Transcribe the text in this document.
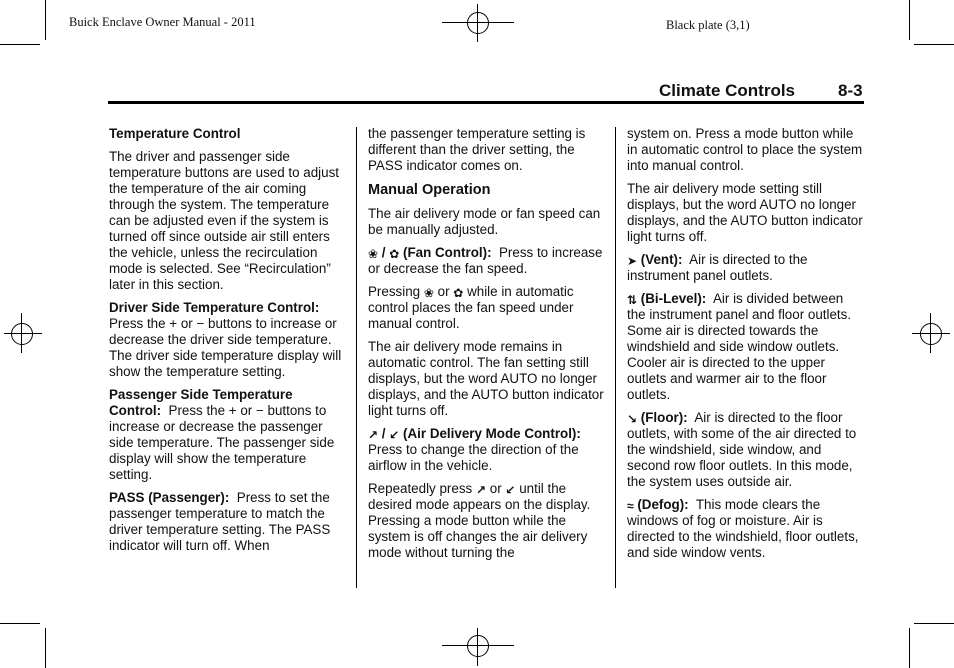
Buick Enclave Owner Manual - 2011	Black plate (3,1)
Climate Controls	8-3

Temperature Control

The driver and passenger side temperature buttons are used to adjust the temperature of the air coming through the system. The temperature can be adjusted even if the system is turned off since outside air still enters the vehicle, unless the recirculation mode is selected. See “Recirculation” later in this section.

Driver Side Temperature Control:  Press the + or − buttons to increase or decrease the driver side temperature. The driver side temperature display will show the temperature setting.

Passenger Side Temperature Control: Press the + or − buttons to increase or decrease the passenger side temperature. The passenger side display will show the temperature setting.

PASS (Passenger): Press to set the passenger temperature to match the driver temperature setting. The PASS indicator will turn off. When

the passenger temperature setting is different than the driver setting, the PASS indicator comes on.

Manual Operation

The air delivery mode or fan speed can be manually adjusted.

❀ / ✿ (Fan Control): Press to increase or decrease the fan speed.

Pressing ❀ or ✿ while in automatic control places the fan speed under manual control.

The air delivery mode remains in automatic control. The fan setting still displays, but the word AUTO no longer displays, and the AUTO button indicator light turns off.

↗ / ↙ (Air Delivery Mode Control):  Press to change the direction of the airflow in the vehicle.

Repeatedly press ↗ or ↙ until the desired mode appears on the display. Pressing a mode button while the system is off changes the air delivery mode without turning the

system on. Press a mode button while in automatic control to place the system into manual control.

The air delivery mode setting still displays, but the word AUTO no longer displays, and the AUTO button indicator light turns off.

➤ (Vent): Air is directed to the instrument panel outlets.

⇅ (Bi-Level): Air is divided between the instrument panel and floor outlets. Some air is directed towards the windshield and side window outlets. Cooler air is directed to the upper outlets and warmer air to the floor outlets.

↘ (Floor): Air is directed to the floor outlets, with some of the air directed to the windshield, side window, and second row floor outlets. In this mode, the system uses outside air.

≈ (Defog): This mode clears the windows of fog or moisture. Air is directed to the windshield, floor outlets, and side window vents.
